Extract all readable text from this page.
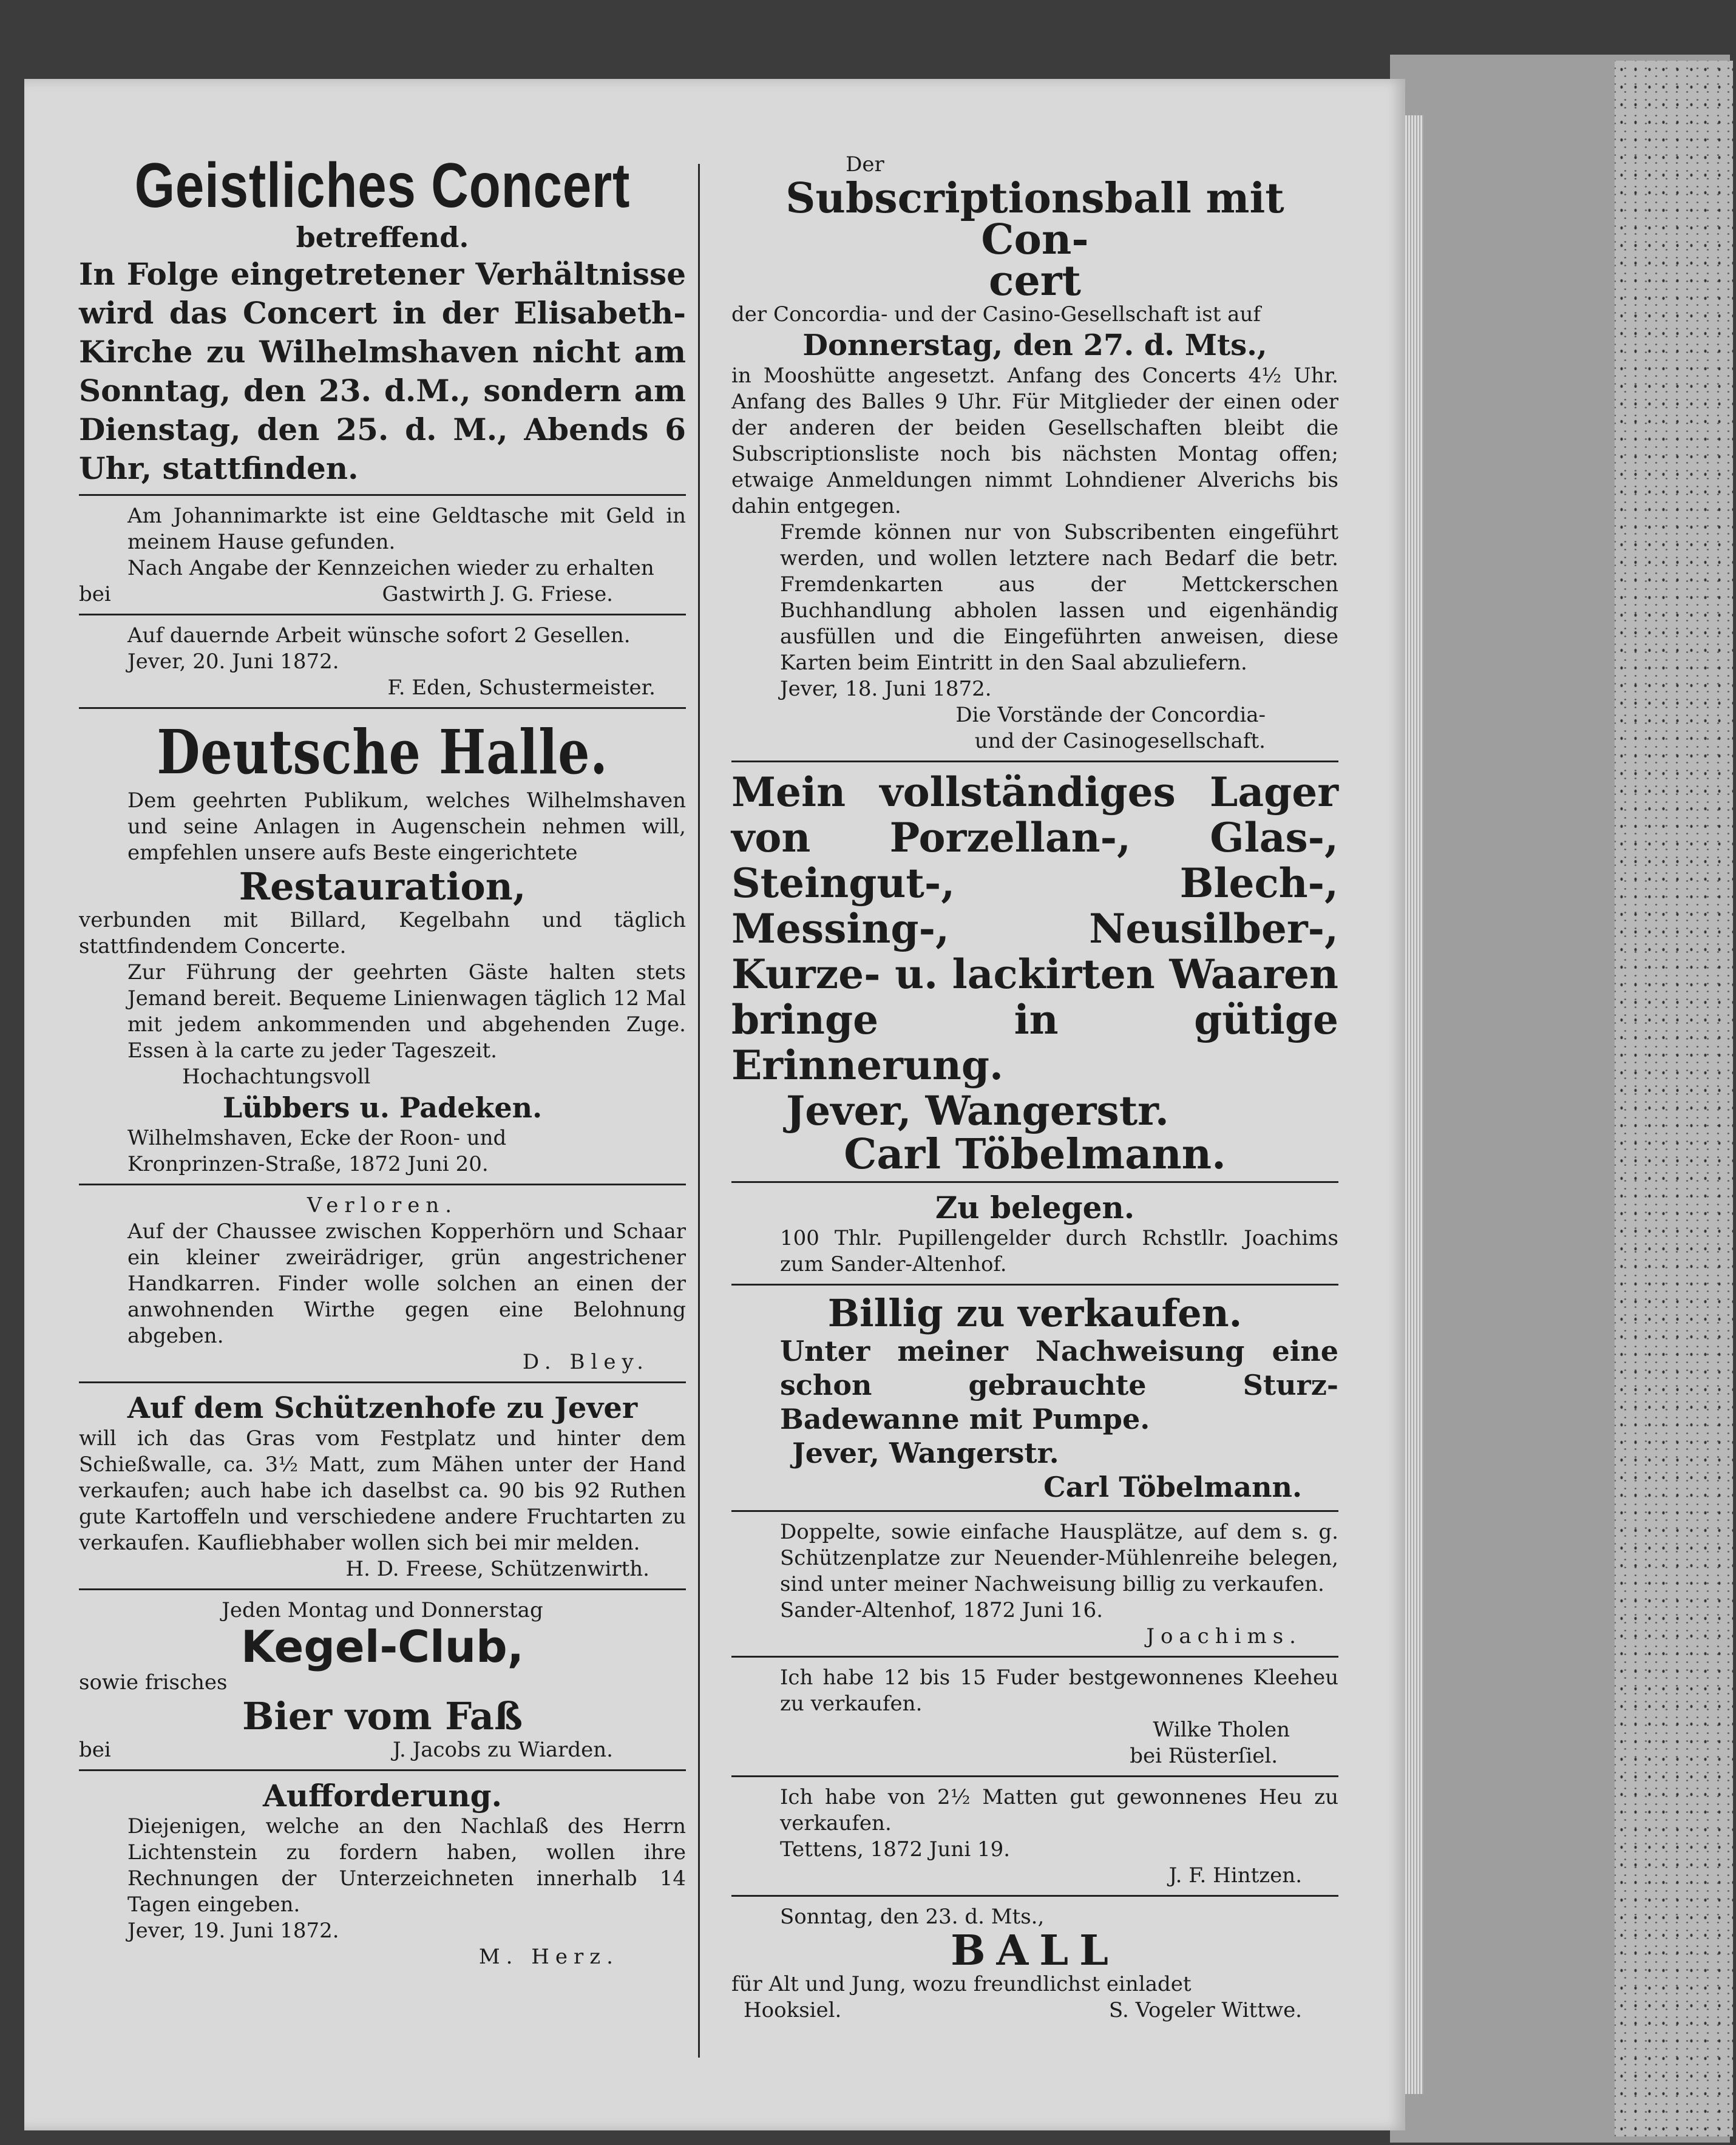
Geistliches Concert

betreffend.

In Folge eingetretener Verhältnisse wird das Concert in der Elisabeth-Kirche zu Wilhelmshaven nicht am Sonntag, den 23. d.M., sondern am Dienstag, den 25. d. M., Abends 6 Uhr, stattfinden.

Am Johannimarkte ist eine Geldtasche mit Geld in meinem Hause gefunden.

Nach Angabe der Kennzeichen wieder zu erhalten

bei	Gastwirth J. G. Friese.

Auf dauernde Arbeit wünsche sofort 2 Gesellen.

Jever, 20. Juni 1872.

F. Eden, Schustermeister.

Deutsche Halle.

Dem geehrten Publikum, welches Wilhelmshaven und seine Anlagen in Augenschein nehmen will, empfehlen unsere aufs Beste eingerichtete

Restauration,

verbunden mit Billard, Kegelbahn und täglich stattfindendem Concerte.

Zur Führung der geehrten Gäste halten stets Jemand bereit. Bequeme Linienwagen täglich 12 Mal mit jedem ankommenden und abgehenden Zuge. Essen à la carte zu jeder Tageszeit.

Hochachtungsvoll

Lübbers u. Padeken.

Wilhelmshaven, Ecke der Roon- und

Kronprinzen-Straße, 1872 Juni 20.

Verloren.

Auf der Chaussee zwischen Kopperhörn und Schaar ein kleiner zweirädriger, grün angestrichener Handkarren. Finder wolle solchen an einen der anwohnenden Wirthe gegen eine Belohnung abgeben.

D. Bley.

Auf dem Schützenhofe zu Jever

will ich das Gras vom Festplatz und hinter dem Schießwalle, ca. 3½ Matt, zum Mähen unter der Hand verkaufen; auch habe ich daselbst ca. 90 bis 92 Ruthen gute Kartoffeln und verschiedene andere Fruchtarten zu verkaufen. Kaufliebhaber wollen sich bei mir melden.

H. D. Freese, Schützenwirth.

Jeden Montag und Donnerstag

Kegel-Club,

sowie frisches

Bier vom Faß

bei	J. Jacobs zu Wiarden.

Aufforderung.

Diejenigen, welche an den Nachlaß des Herrn Lichtenstein zu fordern haben, wollen ihre Rechnungen der Unterzeichneten innerhalb 14 Tagen eingeben.

Jever, 19. Juni 1872.

M. Herz.

Der

Subscriptionsball mit Con-

cert

der Concordia- und der Casino-Gesellschaft ist auf

Donnerstag, den 27. d. Mts.,

in Mooshütte angesetzt. Anfang des Concerts 4½ Uhr. Anfang des Balles 9 Uhr. Für Mitglieder der einen oder der anderen der beiden Gesellschaften bleibt die Subscriptionsliste noch bis nächsten Montag offen; etwaige Anmeldungen nimmt Lohndiener Alverichs bis dahin entgegen.

Fremde können nur von Subscribenten eingeführt werden, und wollen letztere nach Bedarf die betr. Fremdenkarten aus der Mettckerschen Buchhandlung abholen lassen und eigenhändig ausfüllen und die Eingeführten anweisen, diese Karten beim Eintritt in den Saal abzuliefern.

Jever, 18. Juni 1872.

Die Vorstände der Concordia-

und der Casinogesellschaft.

Mein vollständiges Lager von Porzellan-, Glas-, Steingut-, Blech-, Messing-, Neusilber-, Kurze- u. lackirten Waaren bringe in gütige Erinnerung.

Jever, Wangerstr.

Carl Töbelmann.

Zu belegen.

100 Thlr. Pupillengelder durch Rchstllr. Joachims zum Sander-Altenhof.

Billig zu verkaufen.

Unter meiner Nachweisung eine schon gebrauchte Sturz-Badewanne mit Pumpe.

Jever, Wangerstr.

Carl Töbelmann.

Doppelte, sowie einfache Hausplätze, auf dem s. g. Schützenplatze zur Neuender-Mühlenreihe belegen, sind unter meiner Nachweisung billig zu verkaufen.

Sander-Altenhof, 1872 Juni 16.

Joachims.

Ich habe 12 bis 15 Fuder bestgewonnenes Kleeheu zu verkaufen.

Wilke Tholen

bei Rüsterſiel.

Ich habe von 2½ Matten gut gewonnenes Heu zu verkaufen.

Tettens, 1872 Juni 19.

J. F. Hintzen.

Sonntag, den 23. d. Mts.,

BALL

für Alt und Jung, wozu freundlichst einladet

Hooksiel.	S. Vogeler Wittwe.
